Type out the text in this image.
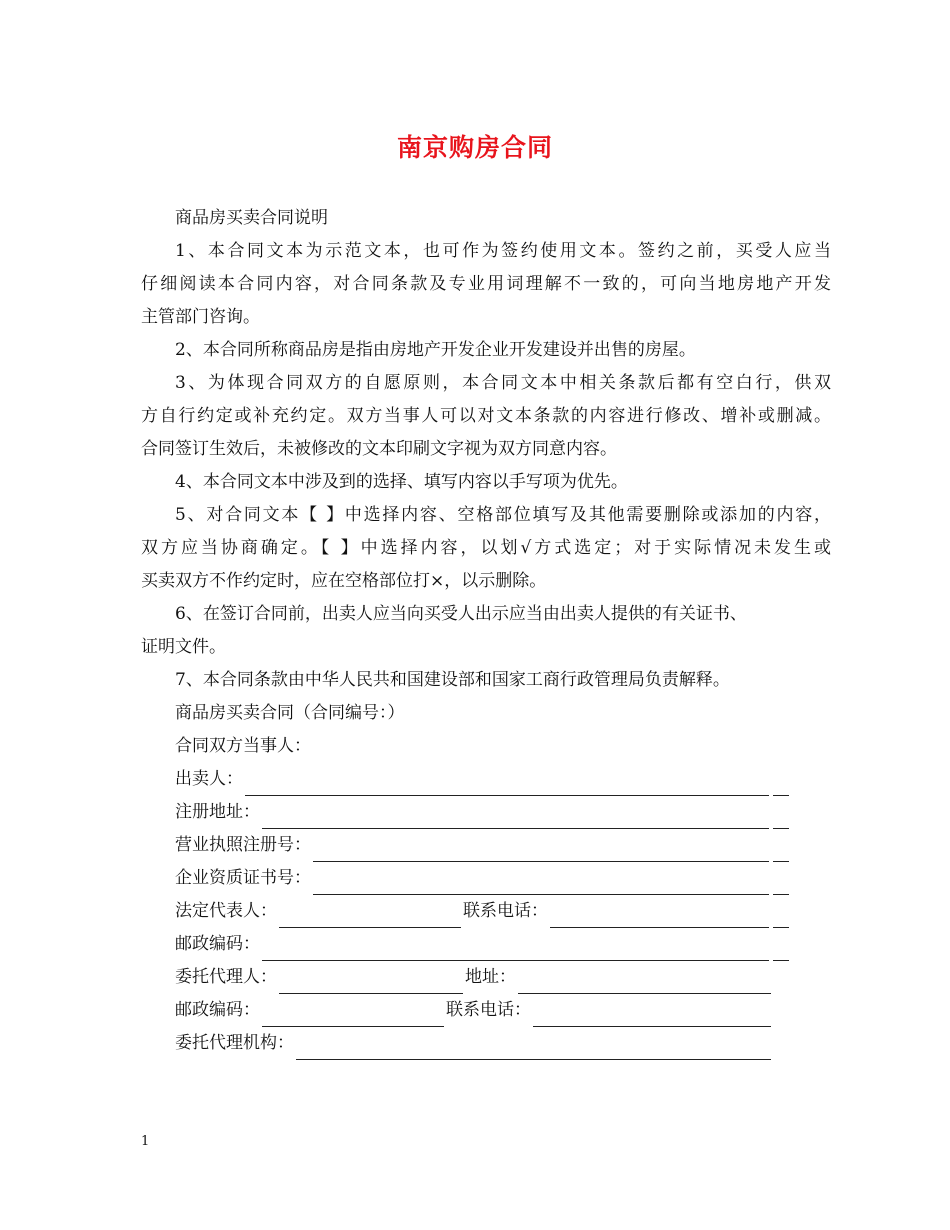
南京购房合同
商品房买卖合同说明
1、本合同文本为示范文本，也可作为签约使用文本。签约之前，买受人应当
仔细阅读本合同内容，对合同条款及专业用词理解不一致的，可向当地房地产开发
主管部门咨询。
2、本合同所称商品房是指由房地产开发企业开发建设并出售的房屋。
3、为体现合同双方的自愿原则，本合同文本中相关条款后都有空白行，供双
方自行约定或补充约定。双方当事人可以对文本条款的内容进行修改、增补或删减。
合同签订生效后，未被修改的文本印刷文字视为双方同意内容。
4、本合同文本中涉及到的选择、填写内容以手写项为优先。
5、对合同文本【 】中选择内容、空格部位填写及其他需要删除或添加的内容，
双方应当协商确定。【 】中选择内容，以划√方式选定；对于实际情况未发生或
买卖双方不作约定时，应在空格部位打×，以示删除。
6、在签订合同前，出卖人应当向买受人出示应当由出卖人提供的有关证书、
证明文件。
7、本合同条款由中华人民共和国建设部和国家工商行政管理局负责解释。
商品房买卖合同（合同编号：）
合同双方当事人：
出卖人：
注册地址：
营业执照注册号：
企业资质证书号：
法定代表人：	联系电话：
邮政编码：
委托代理人：	地址：
邮政编码：	联系电话：
委托代理机构：
1
